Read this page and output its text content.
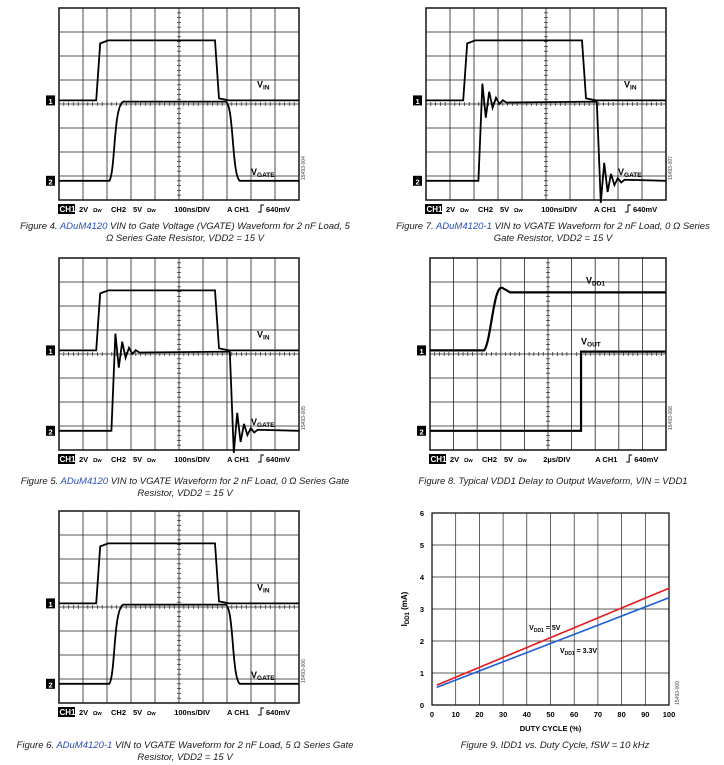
1
2
$V_{IN}$
$V_{GATE}$
CH1 2V Ωw CH2 5V Ωw 100ns/DIV A CH1 640mV
15493-004
Figure 4. ADuM4120 VIN to Gate Voltage (VGATE) Waveform for 2 nF Load, 5 Ω Series Gate Resistor, VDD2 = 15 V
1
2
$V_{IN}$
$V_{GATE}$
CH1 2V Ωw CH2 5V Ωw 100ns/DIV A CH1 640mV
15493-007
Figure 7. ADuM4120-1 VIN to VGATE Waveform for 2 nF Load, 0 Ω Series Gate Resistor, VDD2 = 15 V
1
2
$V_{IN}$
$V_{GATE}$
CH1 2V Ωw CH2 5V Ωw 100ns/DIV A CH1 640mV
15493-005
Figure 5. ADuM4120 VIN to VGATE Waveform for 2 nF Load, 0 Ω Series Gate Resistor, VDD2 = 15 V
1
2
$V_{DD1}$
$V_{OUT}$
CH1 2V Ωw CH2 5V Ωw 2µs/DIV	A CH1 640mV
15493-008
Figure 8. Typical VDD1 Delay to Output Waveform, VIN = VDD1
1
2
$V_{IN}$
$V_{GATE}$
CH1 2V Ωw CH2 5V Ωw 100ns/DIV A CH1 640mV
15493-006
Figure 6. ADuM4120-1 VIN to VGATE Waveform for 2 nF Load, 5 Ω Series Gate Resistor, VDD2 = 15 V
0 10 20 30 40 50 60 70 80 90 100
0
1
2
3
4
5
6
DUTY CYCLE (%)
$I_{DD1}$ (mA)
$V_{DD1} = 5V$
$V_{DD1} = 3.3V$
15493-009
Figure 9. IDD1 vs. Duty Cycle, fSW = 10 kHz
